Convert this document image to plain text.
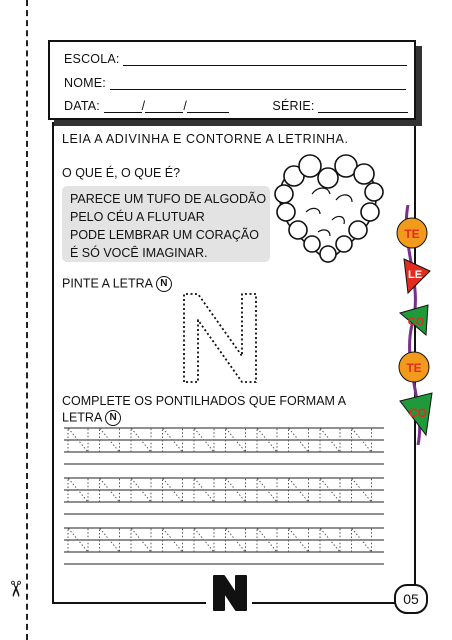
✂
ESCOLA:
NOME:
DATA:	/	/	SÉRIE:
LEIA A ADIVINHA E CONTORNE A LETRINHA.
O QUE É, O QUE É?
PARECE UM TUFO DE ALGODÃO
PELO CÉU A FLUTUAR
PODE LEMBRAR UM CORAÇÃO
É SÓ VOCÊ IMAGINAR.
PINTE A LETRA N
COMPLETE OS PONTILHADOS QUE FORMAM A
LETRA N
TE
LE
CO
TE
CO
05
